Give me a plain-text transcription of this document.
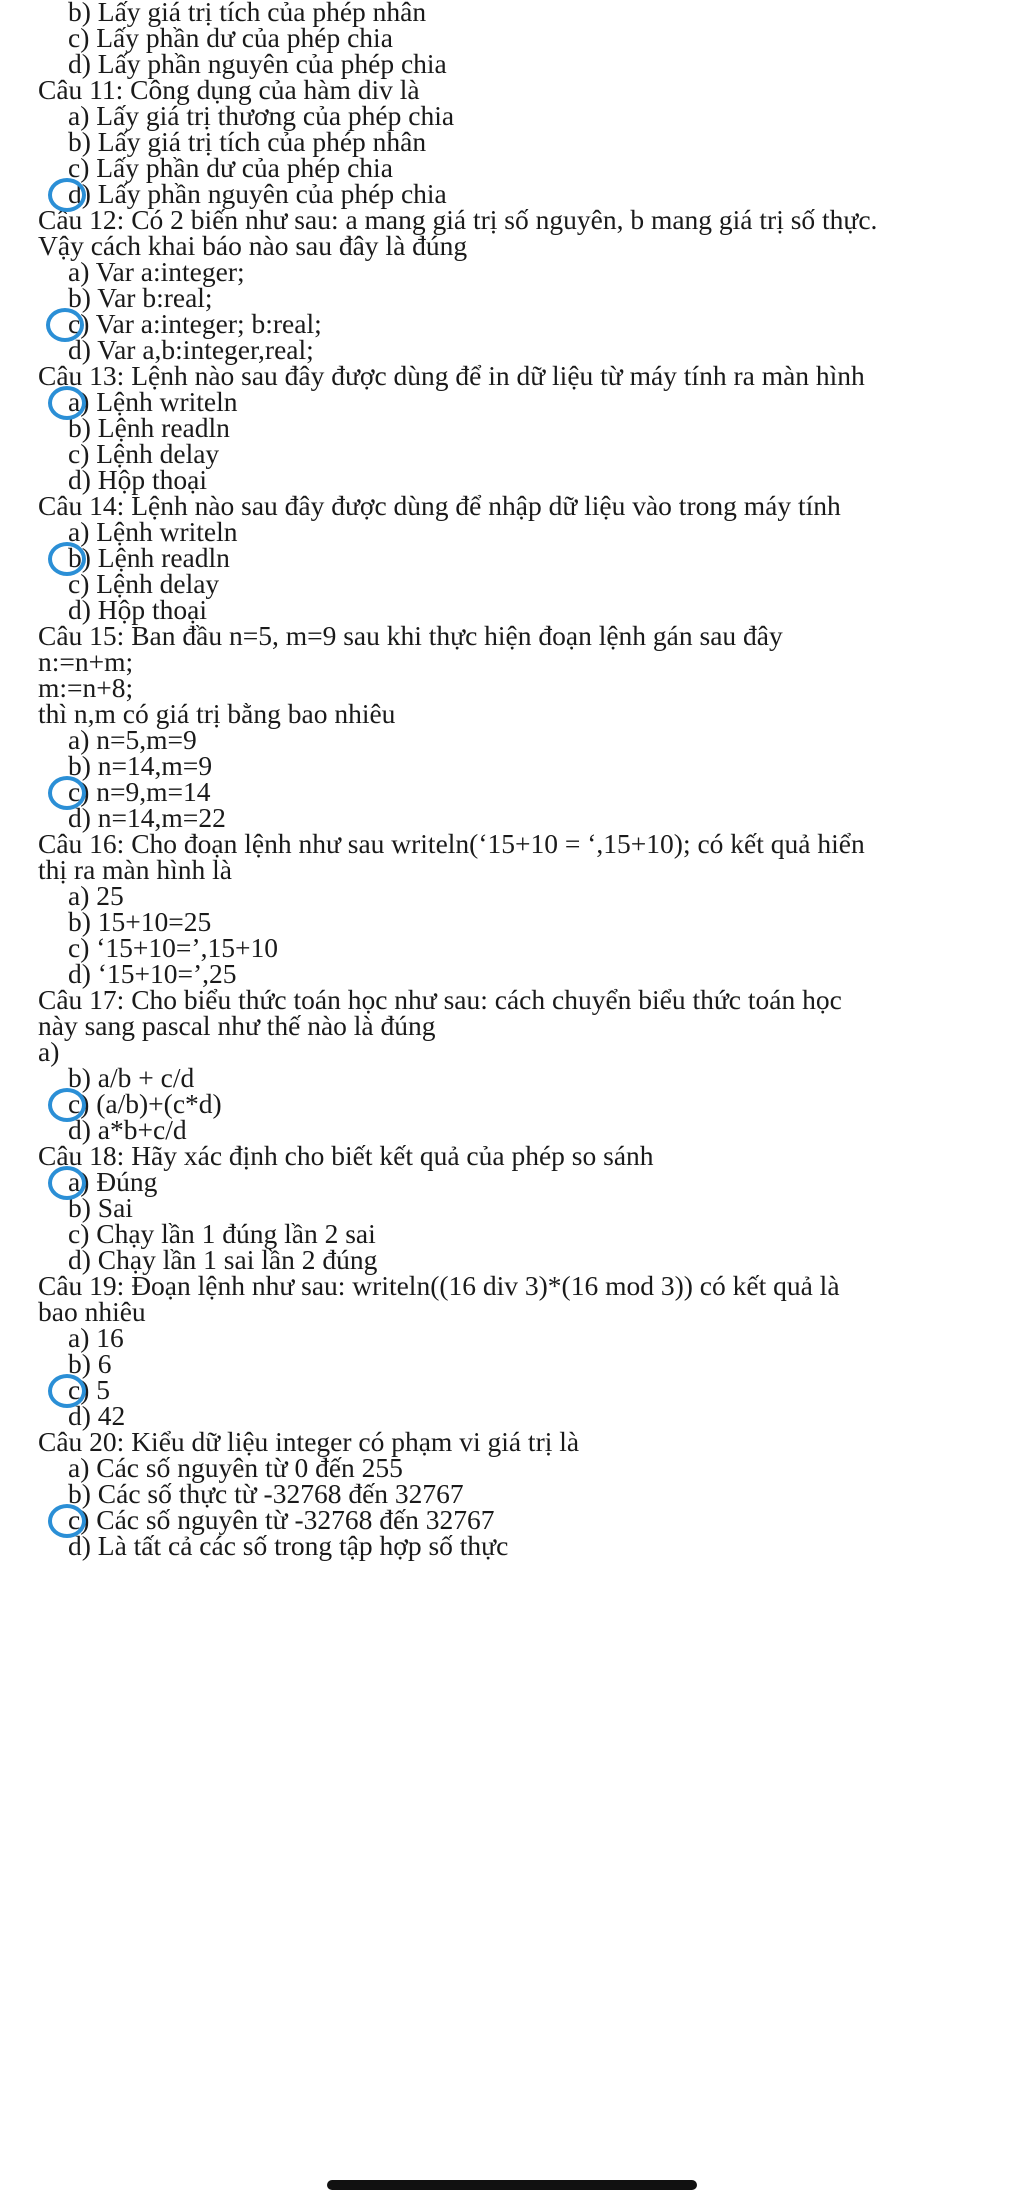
b) Lấy giá trị tích của phép nhân
c) Lấy phần dư của phép chia
d) Lấy phần nguyên của phép chia
Câu 11: Công dụng của hàm div là
a) Lấy giá trị thương của phép chia
b) Lấy giá trị tích của phép nhân
c) Lấy phần dư của phép chia
d) Lấy phần nguyên của phép chia
Câu 12: Có 2 biến như sau: a mang giá trị số nguyên, b mang giá trị số thực.
Vậy cách khai báo nào sau đây là đúng
a) Var a:integer;
b) Var b:real;
c) Var a:integer; b:real;
d) Var a,b:integer,real;
Câu 13: Lệnh nào sau đây được dùng để in dữ liệu từ máy tính ra màn hình
a) Lệnh writeln
b) Lệnh readln
c) Lệnh delay
d) Hộp thoại
Câu 14: Lệnh nào sau đây được dùng để nhập dữ liệu vào trong máy tính
a) Lệnh writeln
b) Lệnh readln
c) Lệnh delay
d) Hộp thoại
Câu 15: Ban đầu n=5, m=9 sau khi thực hiện đoạn lệnh gán sau đây
n:=n+m;
m:=n+8;
thì n,m có giá trị bằng bao nhiêu
a) n=5,m=9
b) n=14,m=9
c) n=9,m=14
d) n=14,m=22
Câu 16: Cho đoạn lệnh như sau writeln(‘15+10 = ‘,15+10); có kết quả hiển
thị ra màn hình là
a) 25
b) 15+10=25
c) ‘15+10=’,15+10
d) ‘15+10=’,25
Câu 17: Cho biểu thức toán học như sau: cách chuyển biểu thức toán học
này sang pascal như thế nào là đúng
a)
b) a/b + c/d
c) (a/b)+(c*d)
d) a*b+c/d
Câu 18: Hãy xác định cho biết kết quả của phép so sánh
a) Đúng
b) Sai
c) Chạy lần 1 đúng lần 2 sai
d) Chạy lần 1 sai lần 2 đúng
Câu 19: Đoạn lệnh như sau: writeln((16 div 3)*(16 mod 3)) có kết quả là
bao nhiêu
a) 16
b) 6
c) 5
d) 42
Câu 20: Kiểu dữ liệu integer có phạm vi giá trị là
a) Các số nguyên từ 0 đến 255
b) Các số thực từ -32768 đến 32767
c) Các số nguyên từ -32768 đến 32767
d) Là tất cả các số trong tập hợp số thực
